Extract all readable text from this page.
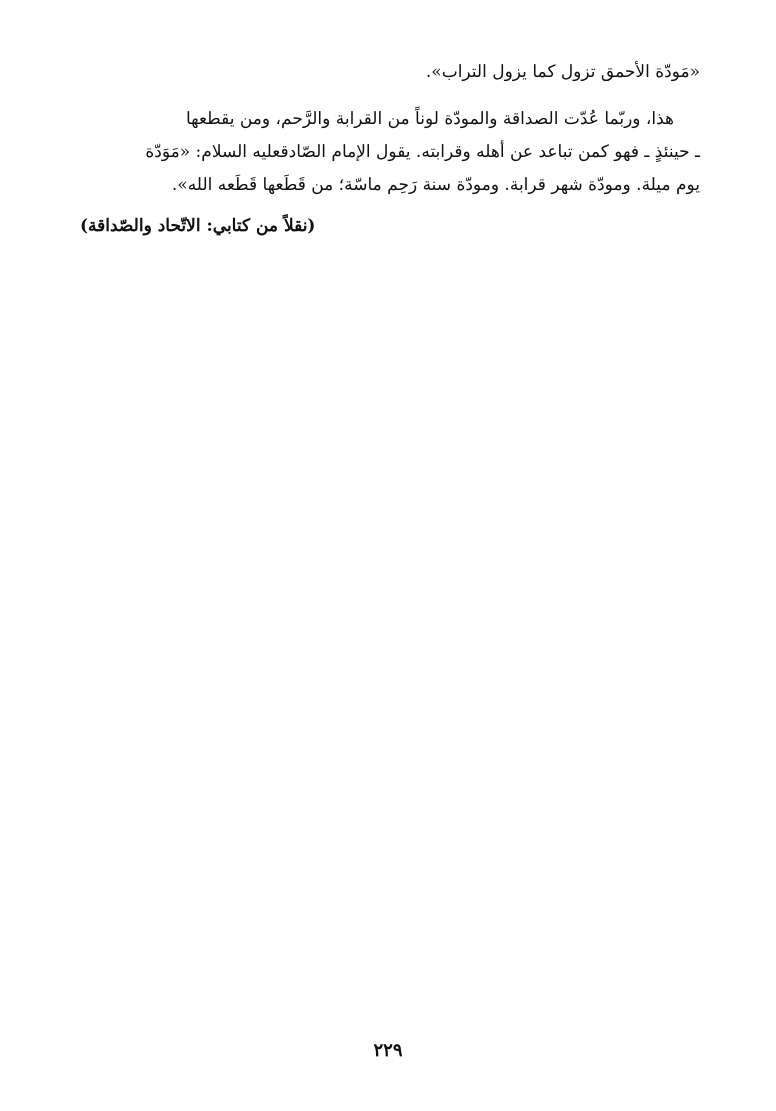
«مَودّة الأحمق تزول كما يزول التراب».
هذا، وربّما عُدّت الصداقة والمودّة لوناً من القرابة والرَّحم، ومن يقطعها
ـ حينئذٍ ـ فهو كمن تباعد عن أهله وقرابته. يقول الإمام الصّادقعليه السلام: «مَوَدّة
يوم ميلة. ومودّة شهر قرابة. ومودّة سنة رَحِم ماسّة؛ من قَطَعها قَطَعه الله».
(نقلاً من كتابي: الاتّحاد والصّداقة)
٢٢٩
